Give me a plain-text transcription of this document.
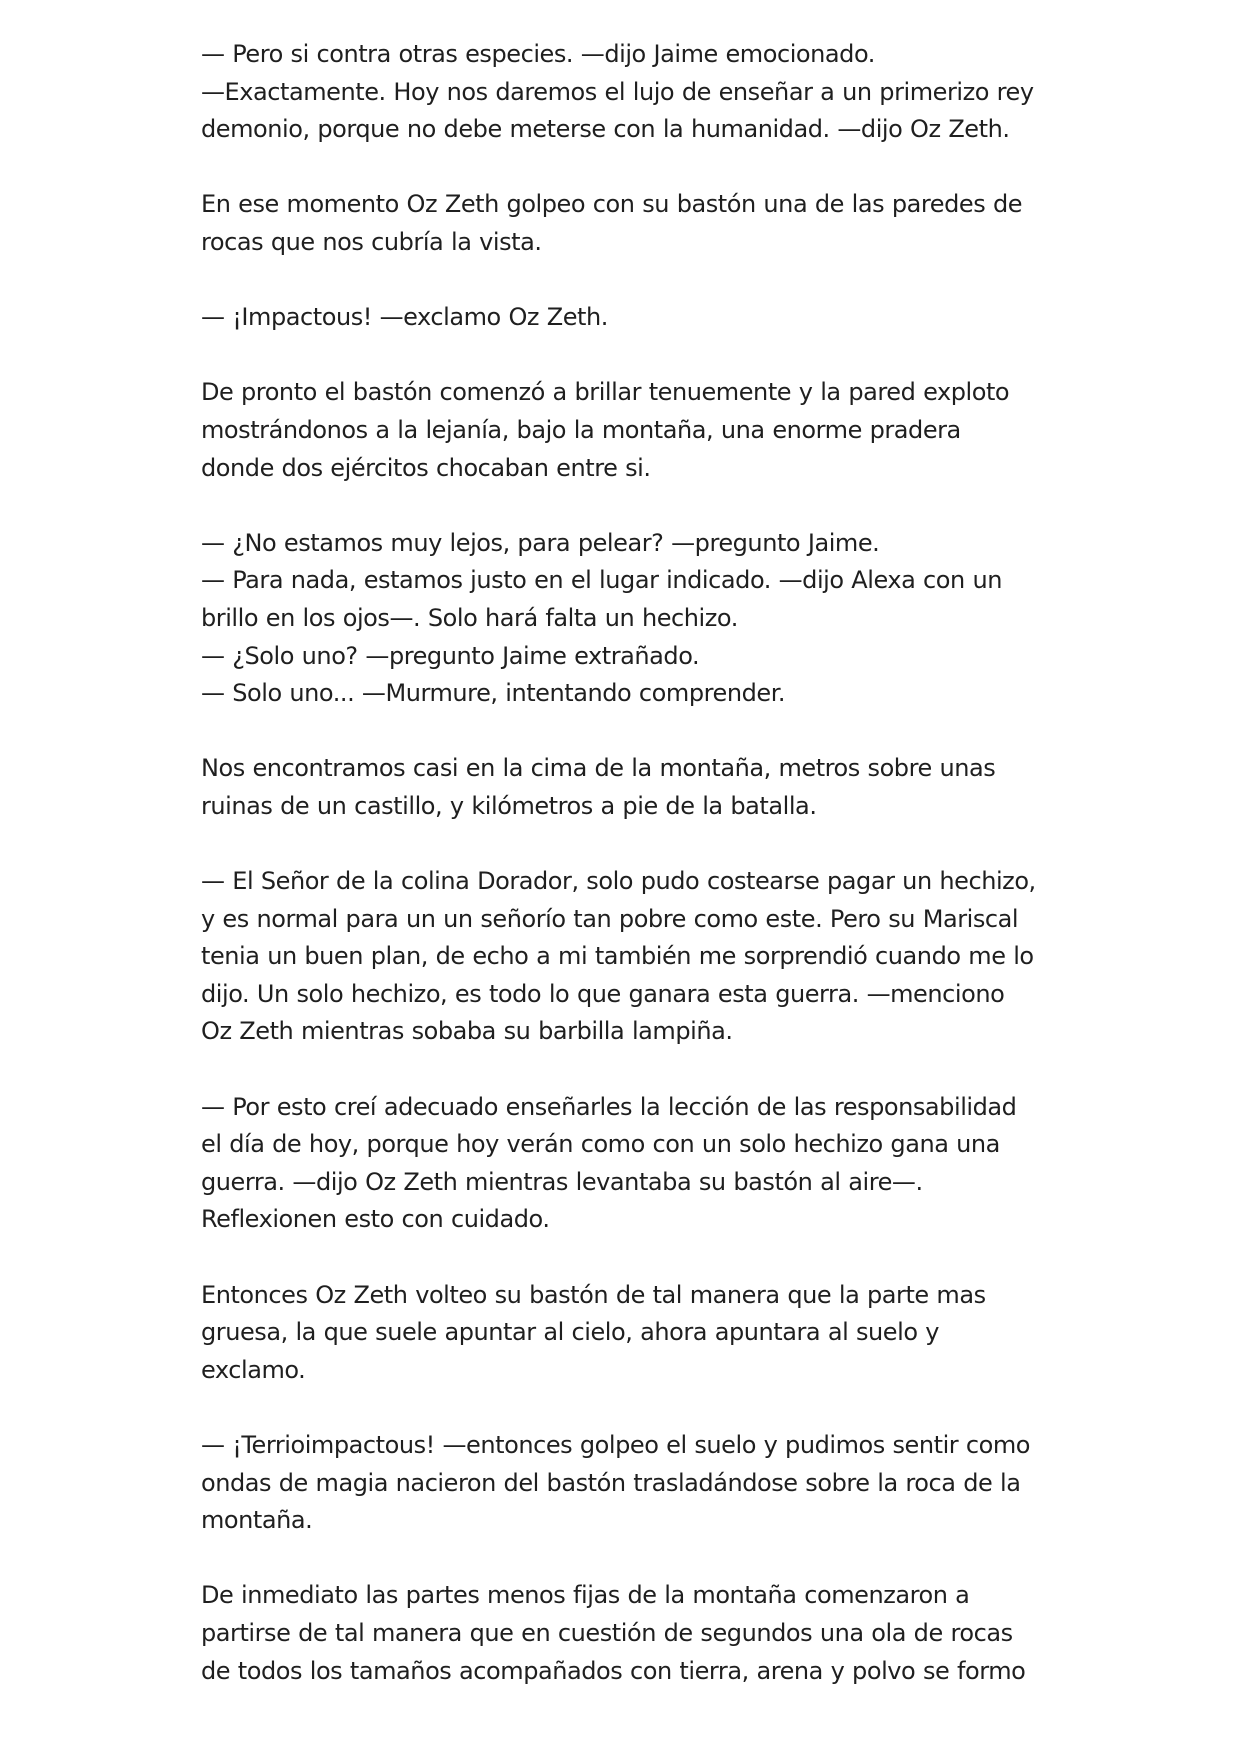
— Pero si contra otras especies. —dijo Jaime emocionado.
—Exactamente. Hoy nos daremos el lujo de enseñar a un primerizo rey
demonio, porque no debe meterse con la humanidad. —dijo Oz Zeth.

En ese momento Oz Zeth golpeo con su bastón una de las paredes de
rocas que nos cubría la vista.

— ¡Impactous! —exclamo Oz Zeth.

De pronto el bastón comenzó a brillar tenuemente y la pared exploto
mostrándonos a la lejanía, bajo la montaña, una enorme pradera
donde dos ejércitos chocaban entre si.

— ¿No estamos muy lejos, para pelear? —pregunto Jaime.
— Para nada, estamos justo en el lugar indicado. —dijo Alexa con un
brillo en los ojos—. Solo hará falta un hechizo.
— ¿Solo uno? —pregunto Jaime extrañado.
— Solo uno... —Murmure, intentando comprender.

Nos encontramos casi en la cima de la montaña, metros sobre unas
ruinas de un castillo, y kilómetros a pie de la batalla.

— El Señor de la colina Dorador, solo pudo costearse pagar un hechizo,
y es normal para un un señorío tan pobre como este. Pero su Mariscal
tenia un buen plan, de echo a mi también me sorprendió cuando me lo
dijo. Un solo hechizo, es todo lo que ganara esta guerra. —menciono
Oz Zeth mientras sobaba su barbilla lampiña.

— Por esto creí adecuado enseñarles la lección de las responsabilidad
el día de hoy, porque hoy verán como con un solo hechizo gana una
guerra. —dijo Oz Zeth mientras levantaba su bastón al aire—.
Reflexionen esto con cuidado.

Entonces Oz Zeth volteo su bastón de tal manera que la parte mas
gruesa, la que suele apuntar al cielo, ahora apuntara al suelo y
exclamo.

— ¡Terrioimpactous! —entonces golpeo el suelo y pudimos sentir como
ondas de magia nacieron del bastón trasladándose sobre la roca de la
montaña.

De inmediato las partes menos fijas de la montaña comenzaron a
partirse de tal manera que en cuestión de segundos una ola de rocas
de todos los tamaños acompañados con tierra, arena y polvo se formo
